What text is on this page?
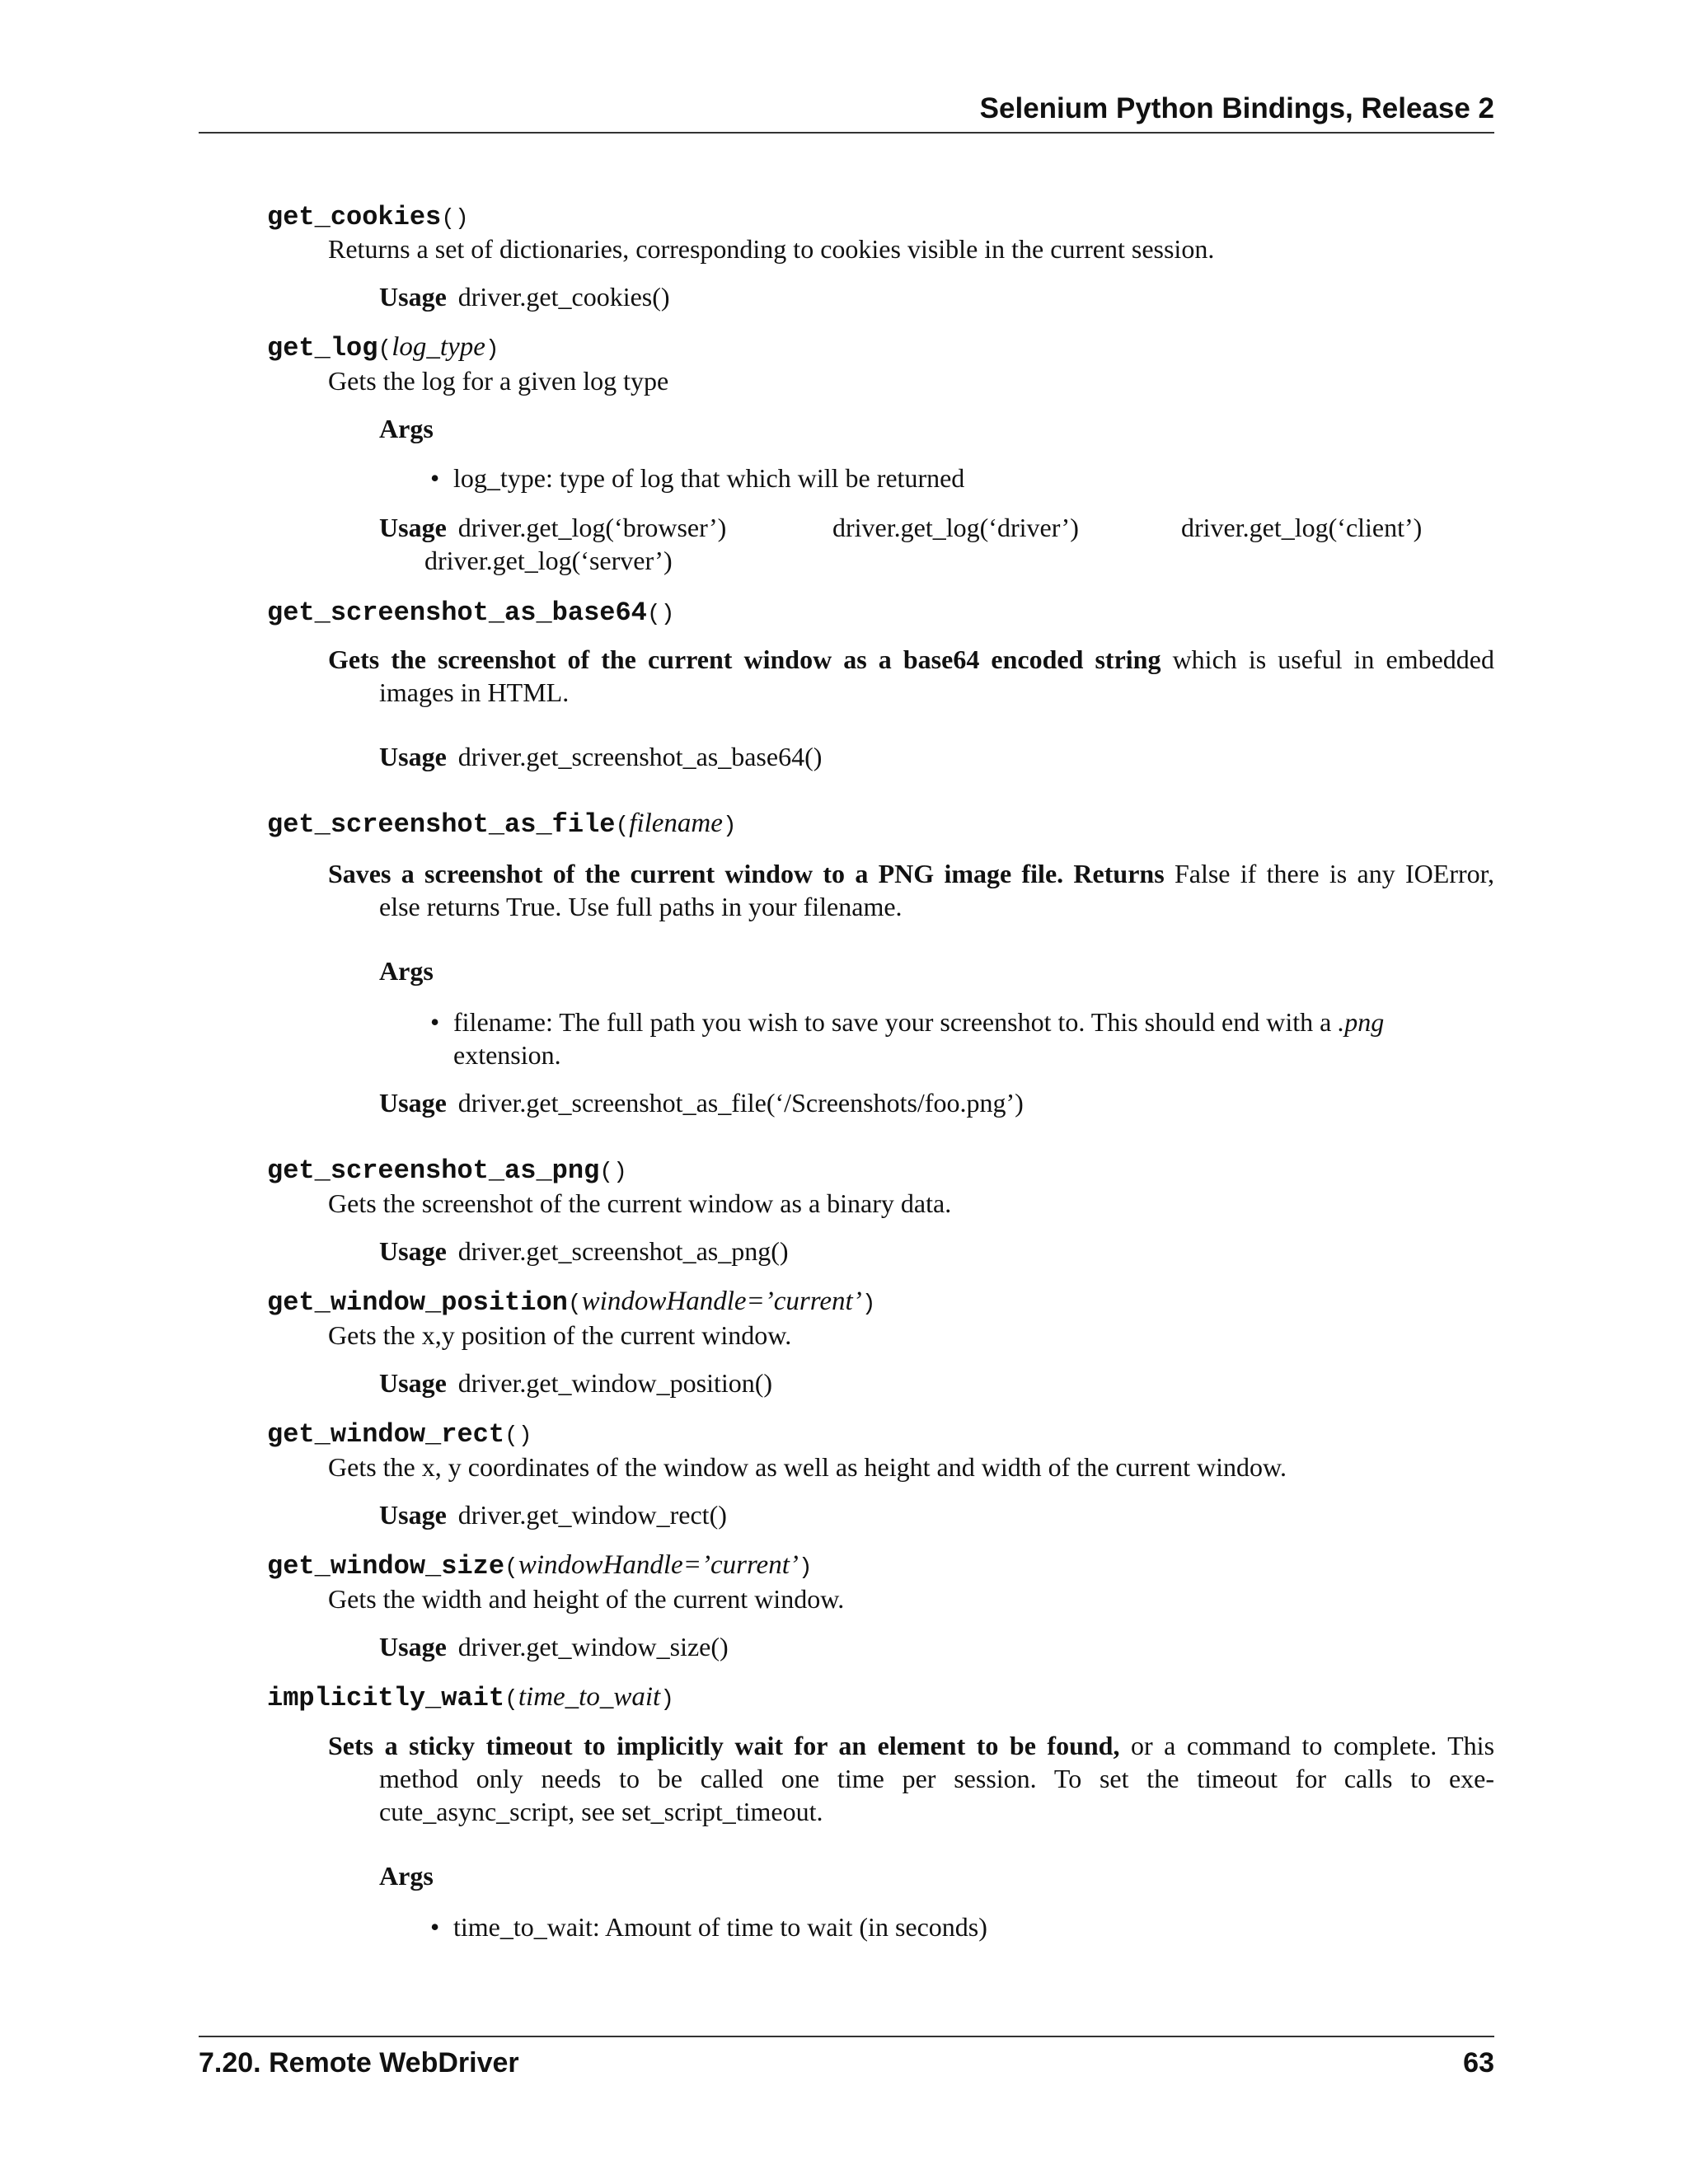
Selenium Python Bindings, Release 2
get_cookies()
Returns a set of dictionaries, corresponding to cookies visible in the current session.
Usage driver.get_cookies()
get_log(log_type)
Gets the log for a given log type
Args
• log_type: type of log that which will be returned
Usage driver.get_log(‘browser’)	driver.get_log(‘driver’)	driver.get_log(‘client’)
driver.get_log(‘server’)
get_screenshot_as_base64()
Gets the screenshot of the current window as a base64 encoded string which is useful in embedded
images in HTML.
Usage driver.get_screenshot_as_base64()
get_screenshot_as_file(filename)
Saves a screenshot of the current window to a PNG image file. Returns False if there is any IOError,
else returns True. Use full paths in your filename.
Args
• filename: The full path you wish to save your screenshot to. This should end with a .png
extension.
Usage driver.get_screenshot_as_file(‘/Screenshots/foo.png’)
get_screenshot_as_png()
Gets the screenshot of the current window as a binary data.
Usage driver.get_screenshot_as_png()
get_window_position(windowHandle=’current’)
Gets the x,y position of the current window.
Usage driver.get_window_position()
get_window_rect()
Gets the x, y coordinates of the window as well as height and width of the current window.
Usage driver.get_window_rect()
get_window_size(windowHandle=’current’)
Gets the width and height of the current window.
Usage driver.get_window_size()
implicitly_wait(time_to_wait)
Sets a sticky timeout to implicitly wait for an element to be found, or a command to complete. This
method only needs to be called one time per session. To set the timeout for calls to exe-
cute_async_script, see set_script_timeout.
Args
• time_to_wait: Amount of time to wait (in seconds)
7.20. Remote WebDriver	63
